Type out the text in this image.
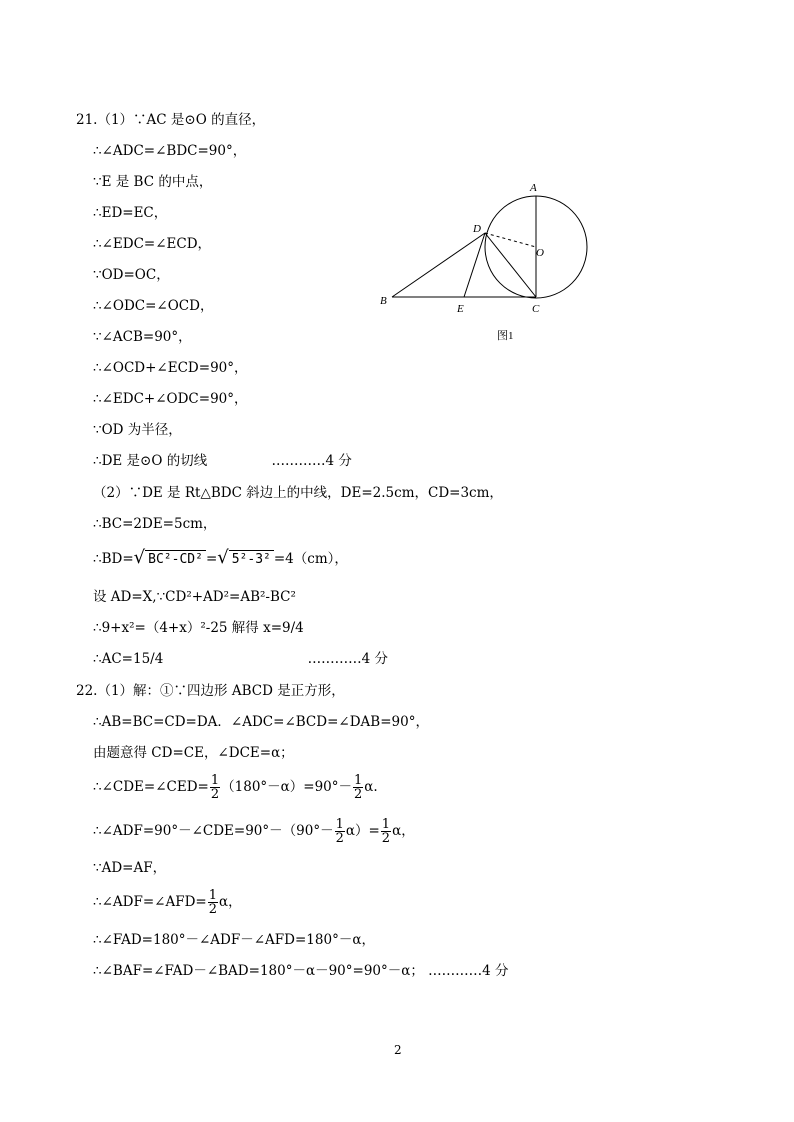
21.（1）∵AC 是⊙O 的直径，
∴∠ADC=∠BDC=90°，
∵E 是 BC 的中点，
∴ED=EC，
∴∠EDC=∠ECD，
∵OD=OC，
∴∠ODC=∠OCD，
∵∠ACB=90°，
∴∠OCD+∠ECD=90°，
∴∠EDC+∠ODC=90°，
∵OD 为半径，
∴DE 是⊙O 的切线	…………4 分
（2）∵DE 是 Rt△BDC 斜边上的中线，DE=2.5cm，CD=3cm，
∴BC=2DE=5cm，
∴BD=√ BC²-CD² =√ 5²-3² =4（cm），
设 AD=X,∵CD²+AD²=AB²-BC²
∴9+x²=（4+x）²-25 解得 x=9/4
∴AC=15/4	…………4 分
A
D
O
B
E	C
图1
22.（1）解：①∵四边形 ABCD 是正方形，
∴AB=BC=CD=DA．∠ADC=∠BCD=∠DAB=90°，
由题意得 CD=CE，∠DCE=α；
∴∠CDE=∠CED= $\frac{1}{2} (180^\circ-\alpha)=90^\circ- \frac{1}{2} \alpha$.
∴∠ADF=90°－∠CDE=90°－（90°－ $\frac{1}{2} \alpha)= \frac{1}{2}$ α，
∵AD=AF，
∴∠ADF=∠AFD= $\frac{1}{2}$ α，
∴∠FAD=180°－∠ADF－∠AFD=180°－α，
∴∠BAF=∠FAD－∠BAD=180°－α－90°=90°－α； …………4 分
2
